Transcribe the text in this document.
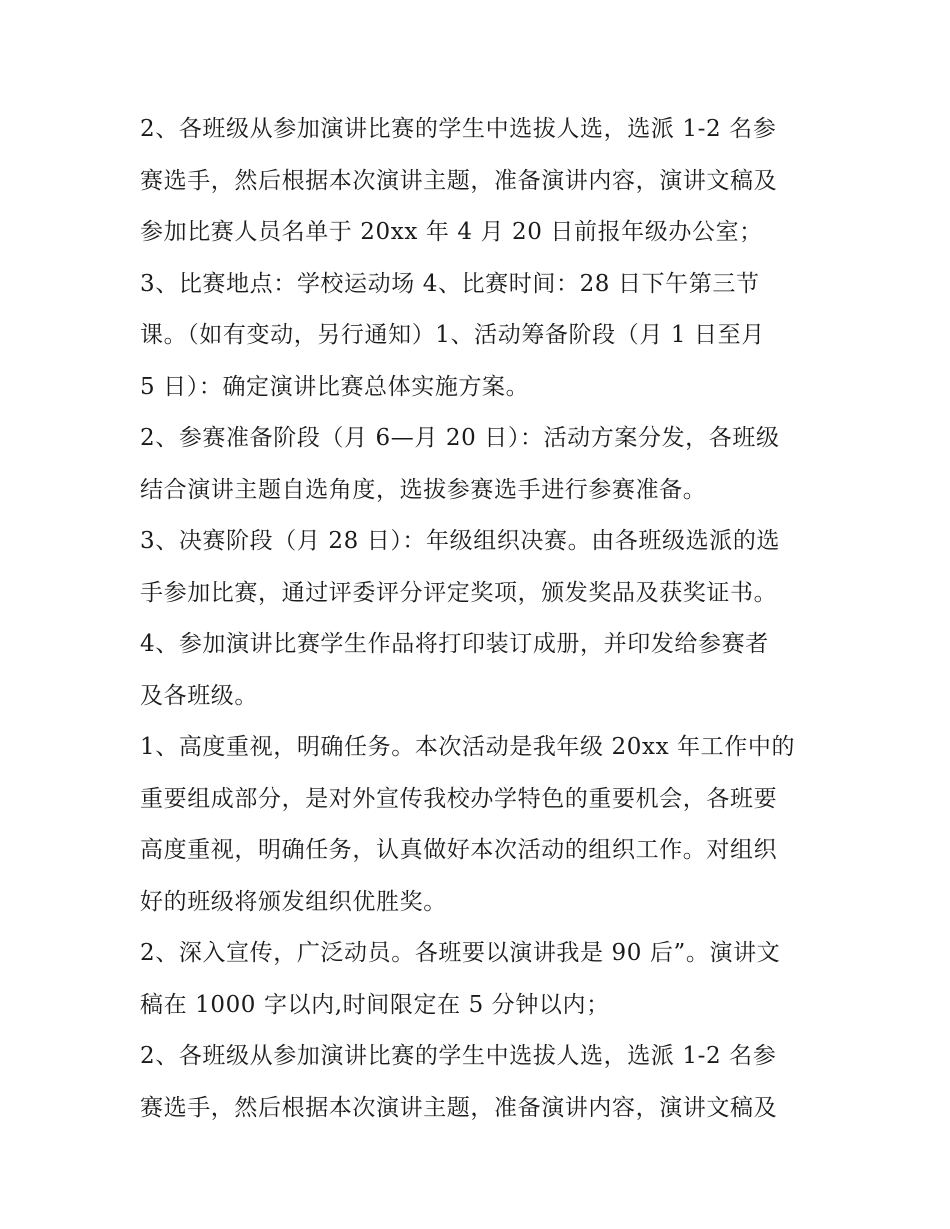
2、各班级从参加演讲比赛的学生中选拔人选，选派 1-2 名参
赛选手，然后根据本次演讲主题，准备演讲内容，演讲文稿及
参加比赛人员名单于 20xx 年 4 月 20 日前报年级办公室；
3、比赛地点：学校运动场 4、比赛时间：28 日下午第三节
课。（如有变动，另行通知）1、活动筹备阶段（月 1 日至月
5 日）：确定演讲比赛总体实施方案。
2、参赛准备阶段（月 6—月 20 日）：活动方案分发，各班级
结合演讲主题自选角度，选拔参赛选手进行参赛准备。
3、决赛阶段（月 28 日）：年级组织决赛。由各班级选派的选
手参加比赛，通过评委评分评定奖项，颁发奖品及获奖证书。
4、参加演讲比赛学生作品将打印装订成册，并印发给参赛者
及各班级。
1、高度重视，明确任务。本次活动是我年级 20xx 年工作中的
重要组成部分，是对外宣传我校办学特色的重要机会，各班要
高度重视，明确任务，认真做好本次活动的组织工作。对组织
好的班级将颁发组织优胜奖。
2、深入宣传，广泛动员。各班要以演讲我是 90 后”。演讲文
稿在 1000 字以内,时间限定在 5 分钟以内；
2、各班级从参加演讲比赛的学生中选拔人选，选派 1-2 名参
赛选手，然后根据本次演讲主题，准备演讲内容，演讲文稿及
